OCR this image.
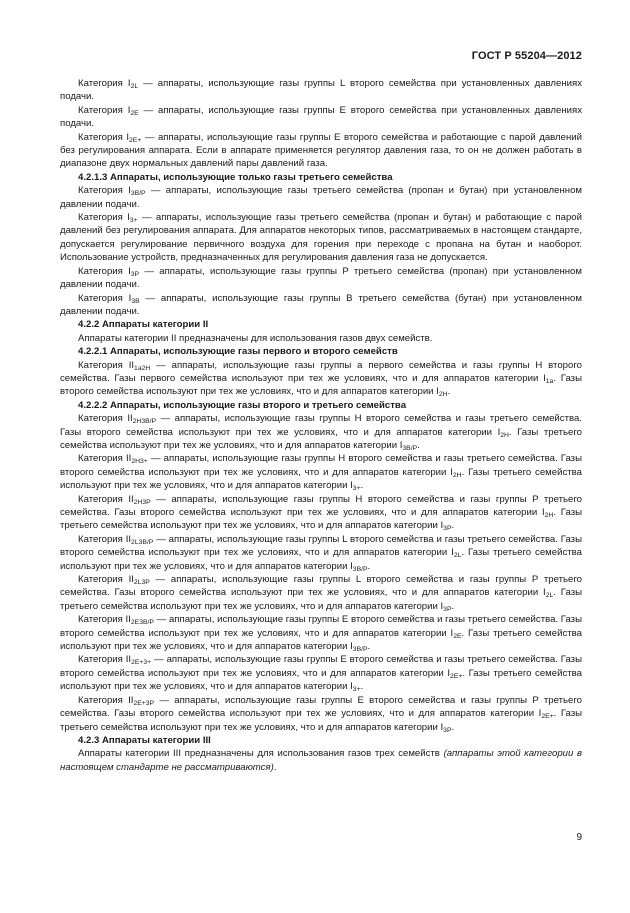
ГОСТ Р 55204—2012

Категория $I_{2L}$ — аппараты, использующие газы группы L второго семейства при установленных давлениях подачи.

Категория $I_{2E}$ — аппараты, использующие газы группы E второго семейства при установленных давлениях подачи.

Категория $I_{2E+}$ — аппараты, использующие газы группы E второго семейства и работающие с парой давлений без регулирования аппарата. Если в аппарате применяется регулятор давления газа, то он не должен работать в диапазоне двух нормальных давлений пары давлений газа.

4.2.1.3 Аппараты, использующие только газы третьего семейства

Категория $I_{3B/P}$ — аппараты, использующие газы третьего семейства (пропан и бутан) при установленном давлении подачи.

Категория $I_{3+}$ — аппараты, использующие газы третьего семейства (пропан и бутан) и работающие с парой давлений без регулирования аппарата. Для аппаратов некоторых типов, рассматриваемых в настоящем стандарте, допускается регулирование первичного воздуха для горения при переходе с пропана на бутан и наоборот. Использование устройств, предназначенных для регулирования давления газа не допускается.

Категория $I_{3P}$ — аппараты, использующие газы группы P третьего семейства (пропан) при установленном давлении подачи.

Категория $I_{3B}$ — аппараты, использующие газы группы B третьего семейства (бутан) при установленном давлении подачи.

4.2.2 Аппараты категории II

Аппараты категории II предназначены для использования газов двух семейств.

4.2.2.1 Аппараты, использующие газы первого и второго семейств

Категория $II_{1a2H}$ — аппараты, использующие газы группы a первого семейства и газы группы H второго семейства. Газы первого семейства используют при тех же условиях, что и для аппаратов категории $I_{1a}$. Газы второго семейства используют при тех же условиях, что и для аппаратов категории $I_{2H}$.

4.2.2.2 Аппараты, использующие газы второго и третьего семейства

Категория $II_{2H3B/P}$ — аппараты, использующие газы группы H второго семейства и газы третьего семейства. Газы второго семейства используют при тех же условиях, что и для аппаратов категории $I_{2H}$. Газы третьего семейства используют при тех же условиях, что и для аппаратов категории $I_{3B/P}$.

Категория $II_{2H3+}$ — аппараты, использующие газы группы H второго семейства и газы третьего семейства. Газы второго семейства используют при тех же условиях, что и для аппаратов категории $I_{2H}$. Газы третьего семейства используют при тех же условиях, что и для аппаратов категории $I_{3+}$.

Категория $II_{2H3P}$ — аппараты, использующие газы группы H второго семейства и газы группы P третьего семейства. Газы второго семейства используют при тех же условиях, что и для аппаратов категории $I_{2H}$. Газы третьего семейства используют при тех же условиях, что и для аппаратов категории $I_{3P}$.

Категория $II_{2L3B/P}$ — аппараты, использующие газы группы L второго семейства и газы третьего семейства. Газы второго семейства используют при тех же условиях, что и для аппаратов категории $I_{2L}$. Газы третьего семейства используют при тех же условиях, что и для аппаратов категории $I_{3B/P}$.

Категория $II_{2L3P}$ — аппараты, использующие газы группы L второго семейства и газы группы P третьего семейства. Газы второго семейства используют при тех же условиях, что и для аппаратов категории $I_{2L}$. Газы третьего семейства используют при тех же условиях, что и для аппаратов категории $I_{3P}$.

Категория $II_{2E3B/P}$ — аппараты, использующие газы группы E второго семейства и газы третьего семейства. Газы второго семейства используют при тех же условиях, что и для аппаратов категории $I_{2E}$. Газы третьего семейства используют при тех же условиях, что и для аппаратов категории $I_{3B/P}$.

Категория $II_{2E+3+}$ — аппараты, использующие газы группы E второго семейства и газы третьего семейства. Газы второго семейства используют при тех же условиях, что и для аппаратов категории $I_{2E+}$. Газы третьего семейства используют при тех же условиях, что и для аппаратов категории $I_{3+}$.

Категория $II_{2E+3P}$ — аппараты, использующие газы группы E второго семейства и газы группы P третьего семейства. Газы второго семейства используют при тех же условиях, что и для аппаратов категории $I_{2E+}$. Газы третьего семейства используют при тех же условиях, что и для аппаратов категории $I_{3P}$.

4.2.3 Аппараты категории III

Аппараты категории III предназначены для использования газов трех семейств (аппараты этой категории в настоящем стандарте не рассматриваются).

9
